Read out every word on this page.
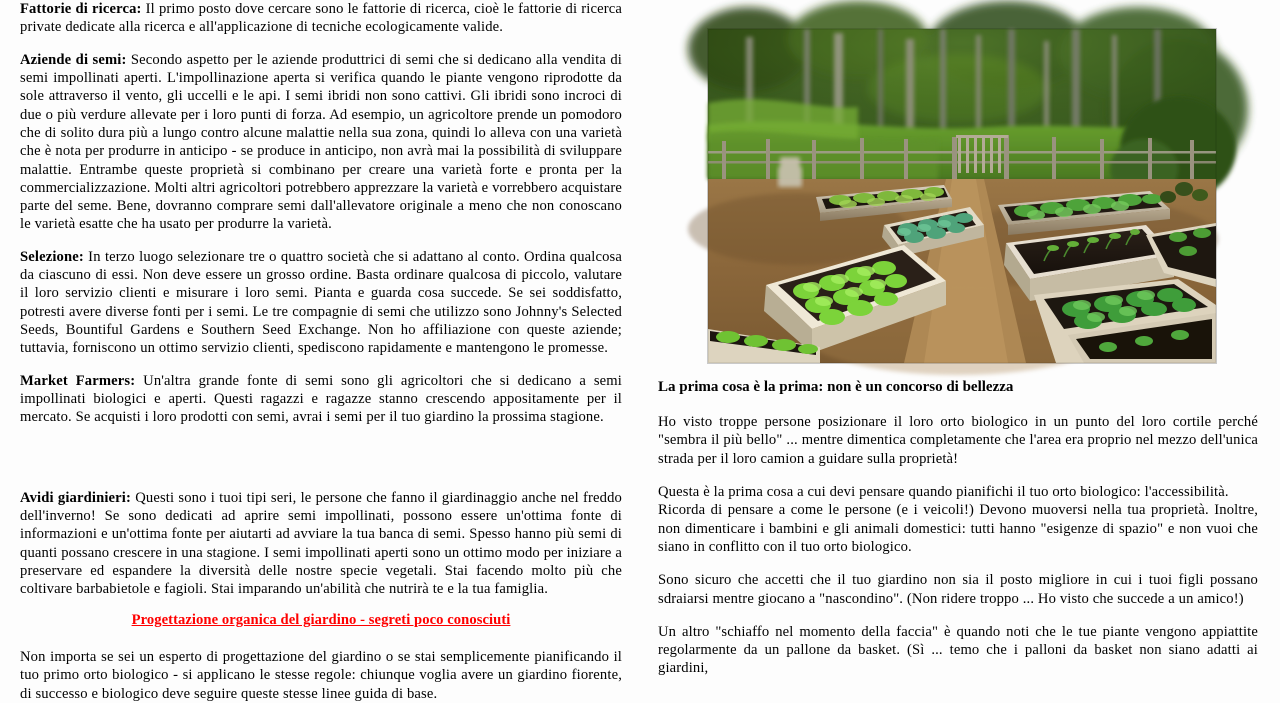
Fattorie di ricerca: Il primo posto dove cercare sono le fattorie di ricerca, cioè le fattorie di ricerca private dedicate alla ricerca e all'applicazione di tecniche ecologicamente valide.

Aziende di semi: Secondo aspetto per le aziende produttrici di semi che si dedicano alla vendita di semi impollinati aperti. L'impollinazione aperta si verifica quando le piante vengono riprodotte da sole attraverso il vento, gli uccelli e le api. I semi ibridi non sono cattivi. Gli ibridi sono incroci di due o più verdure allevate per i loro punti di forza. Ad esempio, un agricoltore prende un pomodoro che di solito dura più a lungo contro alcune malattie nella sua zona, quindi lo alleva con una varietà che è nota per produrre in anticipo - se produce in anticipo, non avrà mai la possibilità di sviluppare malattie. Entrambe queste proprietà si combinano per creare una varietà forte e pronta per la commercializzazione. Molti altri agricoltori potrebbero apprezzare la varietà e vorrebbero acquistare parte del seme. Bene, dovranno comprare semi dall'allevatore originale a meno che non conoscano le varietà esatte che ha usato per produrre la varietà.

Selezione: In terzo luogo selezionare tre o quattro società che si adattano al conto. Ordina qualcosa da ciascuno di essi. Non deve essere un grosso ordine. Basta ordinare qualcosa di piccolo, valutare il loro servizio clienti e misurare i loro semi. Pianta e guarda cosa succede. Se sei soddisfatto, potresti avere diverse fonti per i semi. Le tre compagnie di semi che utilizzo sono Johnny's Selected Seeds, Bountiful Gardens e Southern Seed Exchange. Non ho affiliazione con queste aziende; tuttavia, forniscono un ottimo servizio clienti, spediscono rapidamente e mantengono le promesse.

Market Farmers: Un'altra grande fonte di semi sono gli agricoltori che si dedicano a semi impollinati biologici e aperti. Questi ragazzi e ragazze stanno crescendo appositamente per il mercato. Se acquisti i loro prodotti con semi, avrai i semi per il tuo giardino la prossima stagione.

Avidi giardinieri: Questi sono i tuoi tipi seri, le persone che fanno il giardinaggio anche nel freddo dell'inverno! Se sono dedicati ad aprire semi impollinati, possono essere un'ottima fonte di informazioni e un'ottima fonte per aiutarti ad avviare la tua banca di semi. Spesso hanno più semi di quanti possano crescere in una stagione. I semi impollinati aperti sono un ottimo modo per iniziare a preservare ed espandere la diversità delle nostre specie vegetali. Stai facendo molto più che coltivare barbabietole e fagioli. Stai imparando un'abilità che nutrirà te e la tua famiglia.

Progettazione organica del giardino - segreti poco conosciuti

Non importa se sei un esperto di progettazione del giardino o se stai semplicemente pianificando il tuo primo orto biologico - si applicano le stesse regole: chiunque voglia avere un giardino fiorente, di successo e biologico deve seguire queste stesse linee guida di base.

La prima cosa è la prima: non è un concorso di bellezza

Ho visto troppe persone posizionare il loro orto biologico in un punto del loro cortile perché "sembra il più bello" ... mentre dimentica completamente che l'area era proprio nel mezzo dell'unica strada per il loro camion a guidare sulla proprietà!

Questa è la prima cosa a cui devi pensare quando pianifichi il tuo orto biologico: l'accessibilità.
Ricorda di pensare a come le persone (e i veicoli!) Devono muoversi nella tua proprietà. Inoltre, non dimenticare i bambini e gli animali domestici: tutti hanno "esigenze di spazio" e non vuoi che siano in conflitto con il tuo orto biologico.

Sono sicuro che accetti che il tuo giardino non sia il posto migliore in cui i tuoi figli possano sdraiarsi mentre giocano a "nascondino". (Non ridere troppo ... Ho visto che succede a un amico!)

Un altro "schiaffo nel momento della faccia" è quando noti che le tue piante vengono appiattite regolarmente da un pallone da basket. (Sì ... temo che i palloni da basket non siano adatti ai giardini,
